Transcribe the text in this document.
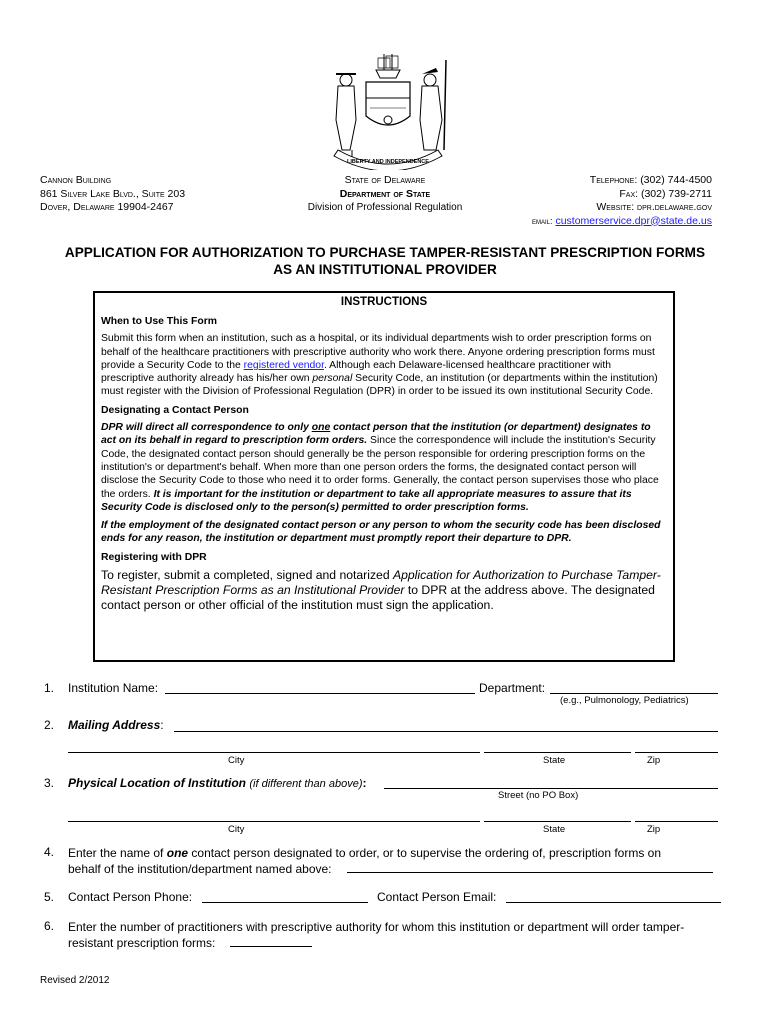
LIBERTY AND INDEPENDENCE
Cannon Building
861 Silver Lake Blvd., Suite 203
Dover, Delaware 19904-2467
State of Delaware
Department of State
Division of Professional Regulation
Telephone: (302) 744-4500
Fax: (302) 739-2711
Website: dpr.delaware.gov
email: customerservice.dpr@state.de.us
APPLICATION FOR AUTHORIZATION TO PURCHASE TAMPER-RESISTANT PRESCRIPTION FORMS
AS AN INSTITUTIONAL PROVIDER
INSTRUCTIONS
When to Use This Form

Submit this form when an institution, such as a hospital, or its individual departments wish to order prescription forms on behalf of the healthcare practitioners with prescriptive authority who work there. Anyone ordering prescription forms must provide a Security Code to the registered vendor. Although each Delaware-licensed healthcare practitioner with prescriptive authority already has his/her own personal Security Code, an institution (or departments within the institution) must register with the Division of Professional Regulation (DPR) in order to be issued its own institutional Security Code.

Designating a Contact Person

DPR will direct all correspondence to only one contact person that the institution (or department) designates to act on its behalf in regard to prescription form orders. Since the correspondence will include the institution's Security Code, the designated contact person should generally be the person responsible for ordering prescription forms on the institution's or department's behalf. When more than one person orders the forms, the designated contact person will disclose the Security Code to those who need it to order forms. Generally, the contact person supervises those who place the orders. It is important for the institution or department to take all appropriate measures to assure that its Security Code is disclosed only to the person(s) permitted to order prescription forms.

If the employment of the designated contact person or any person to whom the security code has been disclosed ends for any reason, the institution or department must promptly report their departure to DPR.

Registering with DPR

To register, submit a completed, signed and notarized Application for Authorization to Purchase Tamper-Resistant Prescription Forms as an Institutional Provider to DPR at the address above. The designated contact person or other official of the institution must sign the application.

1. Institution Name:	Department:
(e.g., Pulmonology, Pediatrics)
2. Mailing Address:
City	State	Zip
3. Physical Location of Institution (if different than above):
Street (no PO Box)
City	State	Zip
4. Enter the name of one contact person designated to order, or to supervise the ordering of, prescription forms on
behalf of the institution/department named above:
5. Contact Person Phone:	Contact Person Email:
6. Enter the number of practitioners with prescriptive authority for whom this institution or department will order tamper-
resistant prescription forms:
Revised 2/2012
